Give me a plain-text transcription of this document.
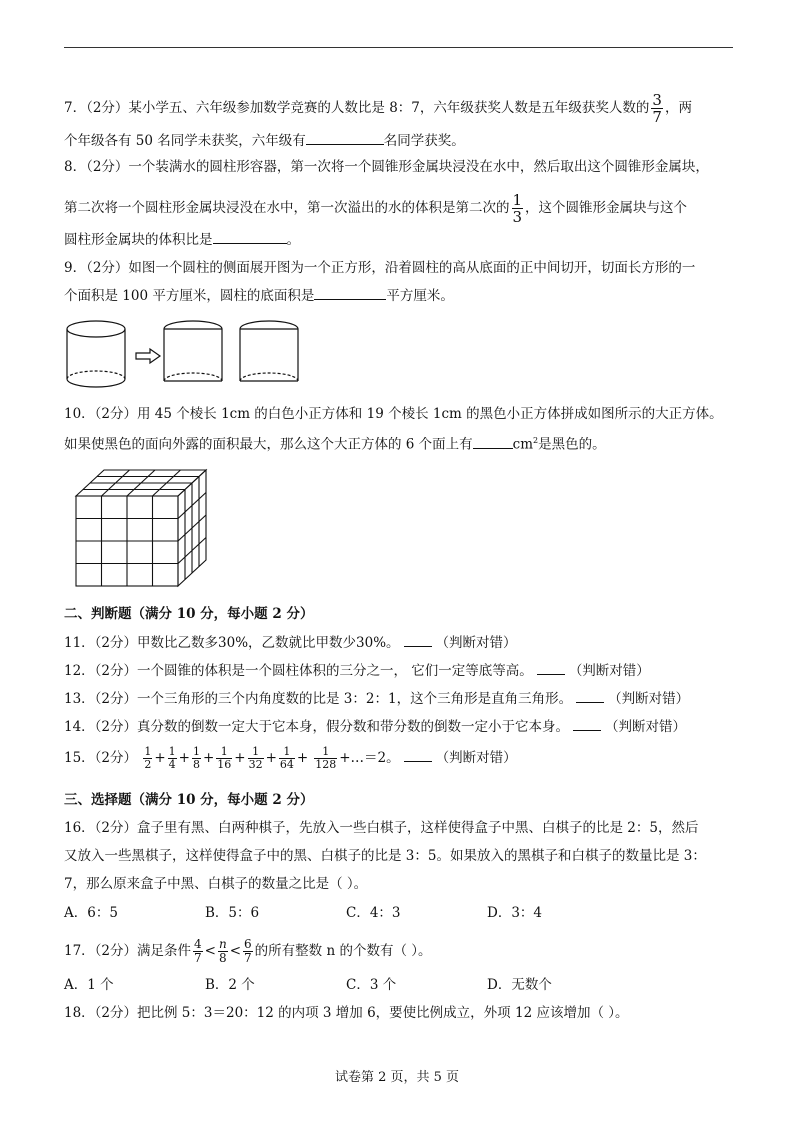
7．（2分）某小学五、六年级参加数学竞赛的人数比是 8：7，六年级获奖人数是五年级获奖人数的 $\frac{3}{7}$ ，两
个年级各有 50 名同学未获奖，六年级有	名同学获奖。
8．（2分）一个装满水的圆柱形容器，第一次将一个圆锥形金属块浸没在水中，然后取出这个圆锥形金属块，
第二次将一个圆柱形金属块浸没在水中，第一次溢出的水的体积是第二次的 $\frac{1}{3}$ ，这个圆锥形金属块与这个
圆柱形金属块的体积比是	。
9．（2分）如图一个圆柱的侧面展开图为一个正方形，沿着圆柱的高从底面的正中间切开，切面长方形的一
个面积是 100 平方厘米，圆柱的底面积是	平方厘米。
10．（2分）用 45 个棱长 1cm 的白色小正方体和 19 个棱长 1cm 的黑色小正方体拼成如图所示的大正方体。
如果使黑色的面向外露的面积最大，那么这个大正方体的 6 个面上有	$cm^2$是黑色的。
二、判断题（满分 10 分，每小题 2 分）
11．（2分）甲数比乙数多30%，乙数就比甲数少30%。	（判断对错）
12．（2分）一个圆锥的体积是一个圆柱体积的三分之一， 它们一定等底等高。	（判断对错）
13．（2分）一个三角形的三个内角度数的比是 3：2：1，这个三角形是直角三角形。	（判断对错）
14．（2分）真分数的倒数一定大于它本身，假分数和带分数的倒数一定小于它本身。	（判断对错）
15．（2分） $\frac{1}{2} + \frac{1}{4} + \frac{1}{8} + \frac{1}{16} + \frac{1}{32} + \frac{1}{64} + \frac{1}{128}$ +…＝2。	（判断对错）
三、选择题（满分 10 分，每小题 2 分）
16．（2分）盒子里有黑、白两种棋子，先放入一些白棋子，这样使得盒子中黑、白棋子的比是 2：5，然后
又放入一些黑棋子，这样使得盒子中的黑、白棋子的比是 3：5。如果放入的黑棋子和白棋子的数量比是 3：
7，那么原来盒子中黑、白棋子的数量之比是（ ）。
A．6：5	B．5：6	C．4：3	D．3：4
17．（2分）满足条件 $\frac{4}{7} < \frac{n}{8} < \frac{6}{7}$ 的所有整数 n 的个数有（ ）。
A．1 个	B．2 个	C．3 个	D．无数个
18．（2分）把比例 5：3＝20：12 的内项 3 增加 6，要使比例成立，外项 12 应该增加（ ）。
试卷第 2 页，共 5 页
